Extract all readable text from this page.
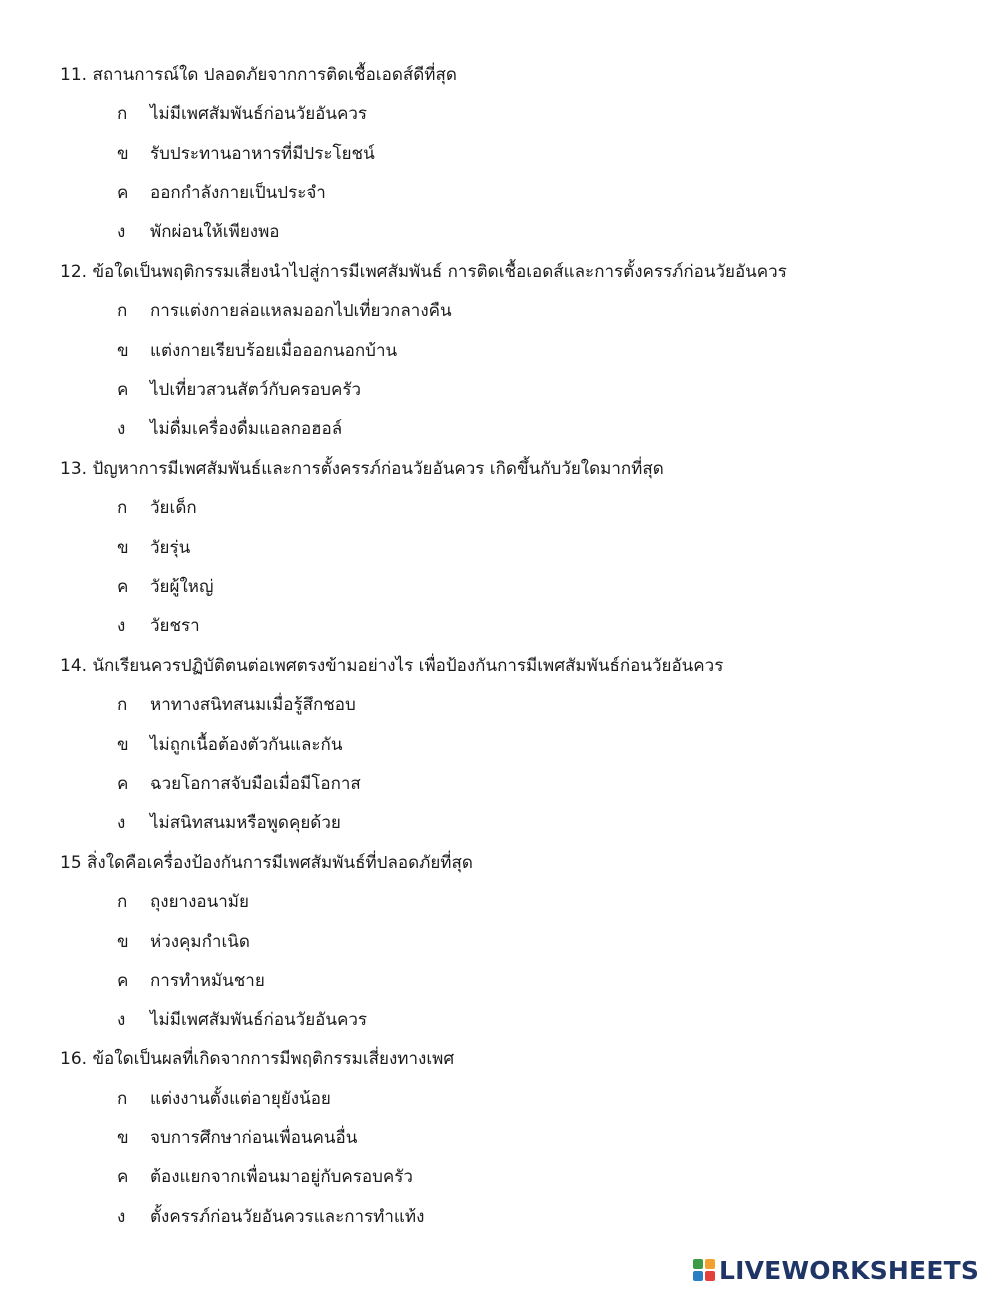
11. สถานการณ์ใด ปลอดภัยจากการติดเชื้อเอดส์ดีที่สุด
ก ไม่มีเพศสัมพันธ์ก่อนวัยอันควร
ข รับประทานอาหารที่มีประโยชน์
ค ออกกำลังกายเป็นประจำ
ง พักผ่อนให้เพียงพอ
12. ข้อใดเป็นพฤติกรรมเสี่ยงนำไปสู่การมีเพศสัมพันธ์ การติดเชื้อเอดส์และการตั้งครรภ์ก่อนวัยอันควร
ก การแต่งกายล่อแหลมออกไปเที่ยวกลางคืน
ข แต่งกายเรียบร้อยเมื่อออกนอกบ้าน
ค ไปเที่ยวสวนสัตว์กับครอบครัว
ง ไม่ดื่มเครื่องดื่มแอลกอฮอล์
13. ปัญหาการมีเพศสัมพันธ์และการตั้งครรภ์ก่อนวัยอันควร เกิดขึ้นกับวัยใดมากที่สุด
ก วัยเด็ก
ข วัยรุ่น
ค วัยผู้ใหญ่
ง วัยชรา
14. นักเรียนควรปฏิบัติตนต่อเพศตรงข้ามอย่างไร เพื่อป้องกันการมีเพศสัมพันธ์ก่อนวัยอันควร
ก หาทางสนิทสนมเมื่อรู้สึกชอบ
ข ไม่ถูกเนื้อต้องตัวกันและกัน
ค ฉวยโอกาสจับมือเมื่อมีโอกาส
ง ไม่สนิทสนมหรือพูดคุยด้วย
15 สิ่งใดคือเครื่องป้องกันการมีเพศสัมพันธ์ที่ปลอดภัยที่สุด
ก ถุงยางอนามัย
ข ห่วงคุมกำเนิด
ค การทำหมันชาย
ง ไม่มีเพศสัมพันธ์ก่อนวัยอันควร
16. ข้อใดเป็นผลที่เกิดจากการมีพฤติกรรมเสี่ยงทางเพศ
ก แต่งงานตั้งแต่อายุยังน้อย
ข จบการศึกษาก่อนเพื่อนคนอื่น
ค ต้องแยกจากเพื่อนมาอยู่กับครอบครัว
ง ตั้งครรภ์ก่อนวัยอันควรและการทำแท้ง
LIVEWORKSHEETS
